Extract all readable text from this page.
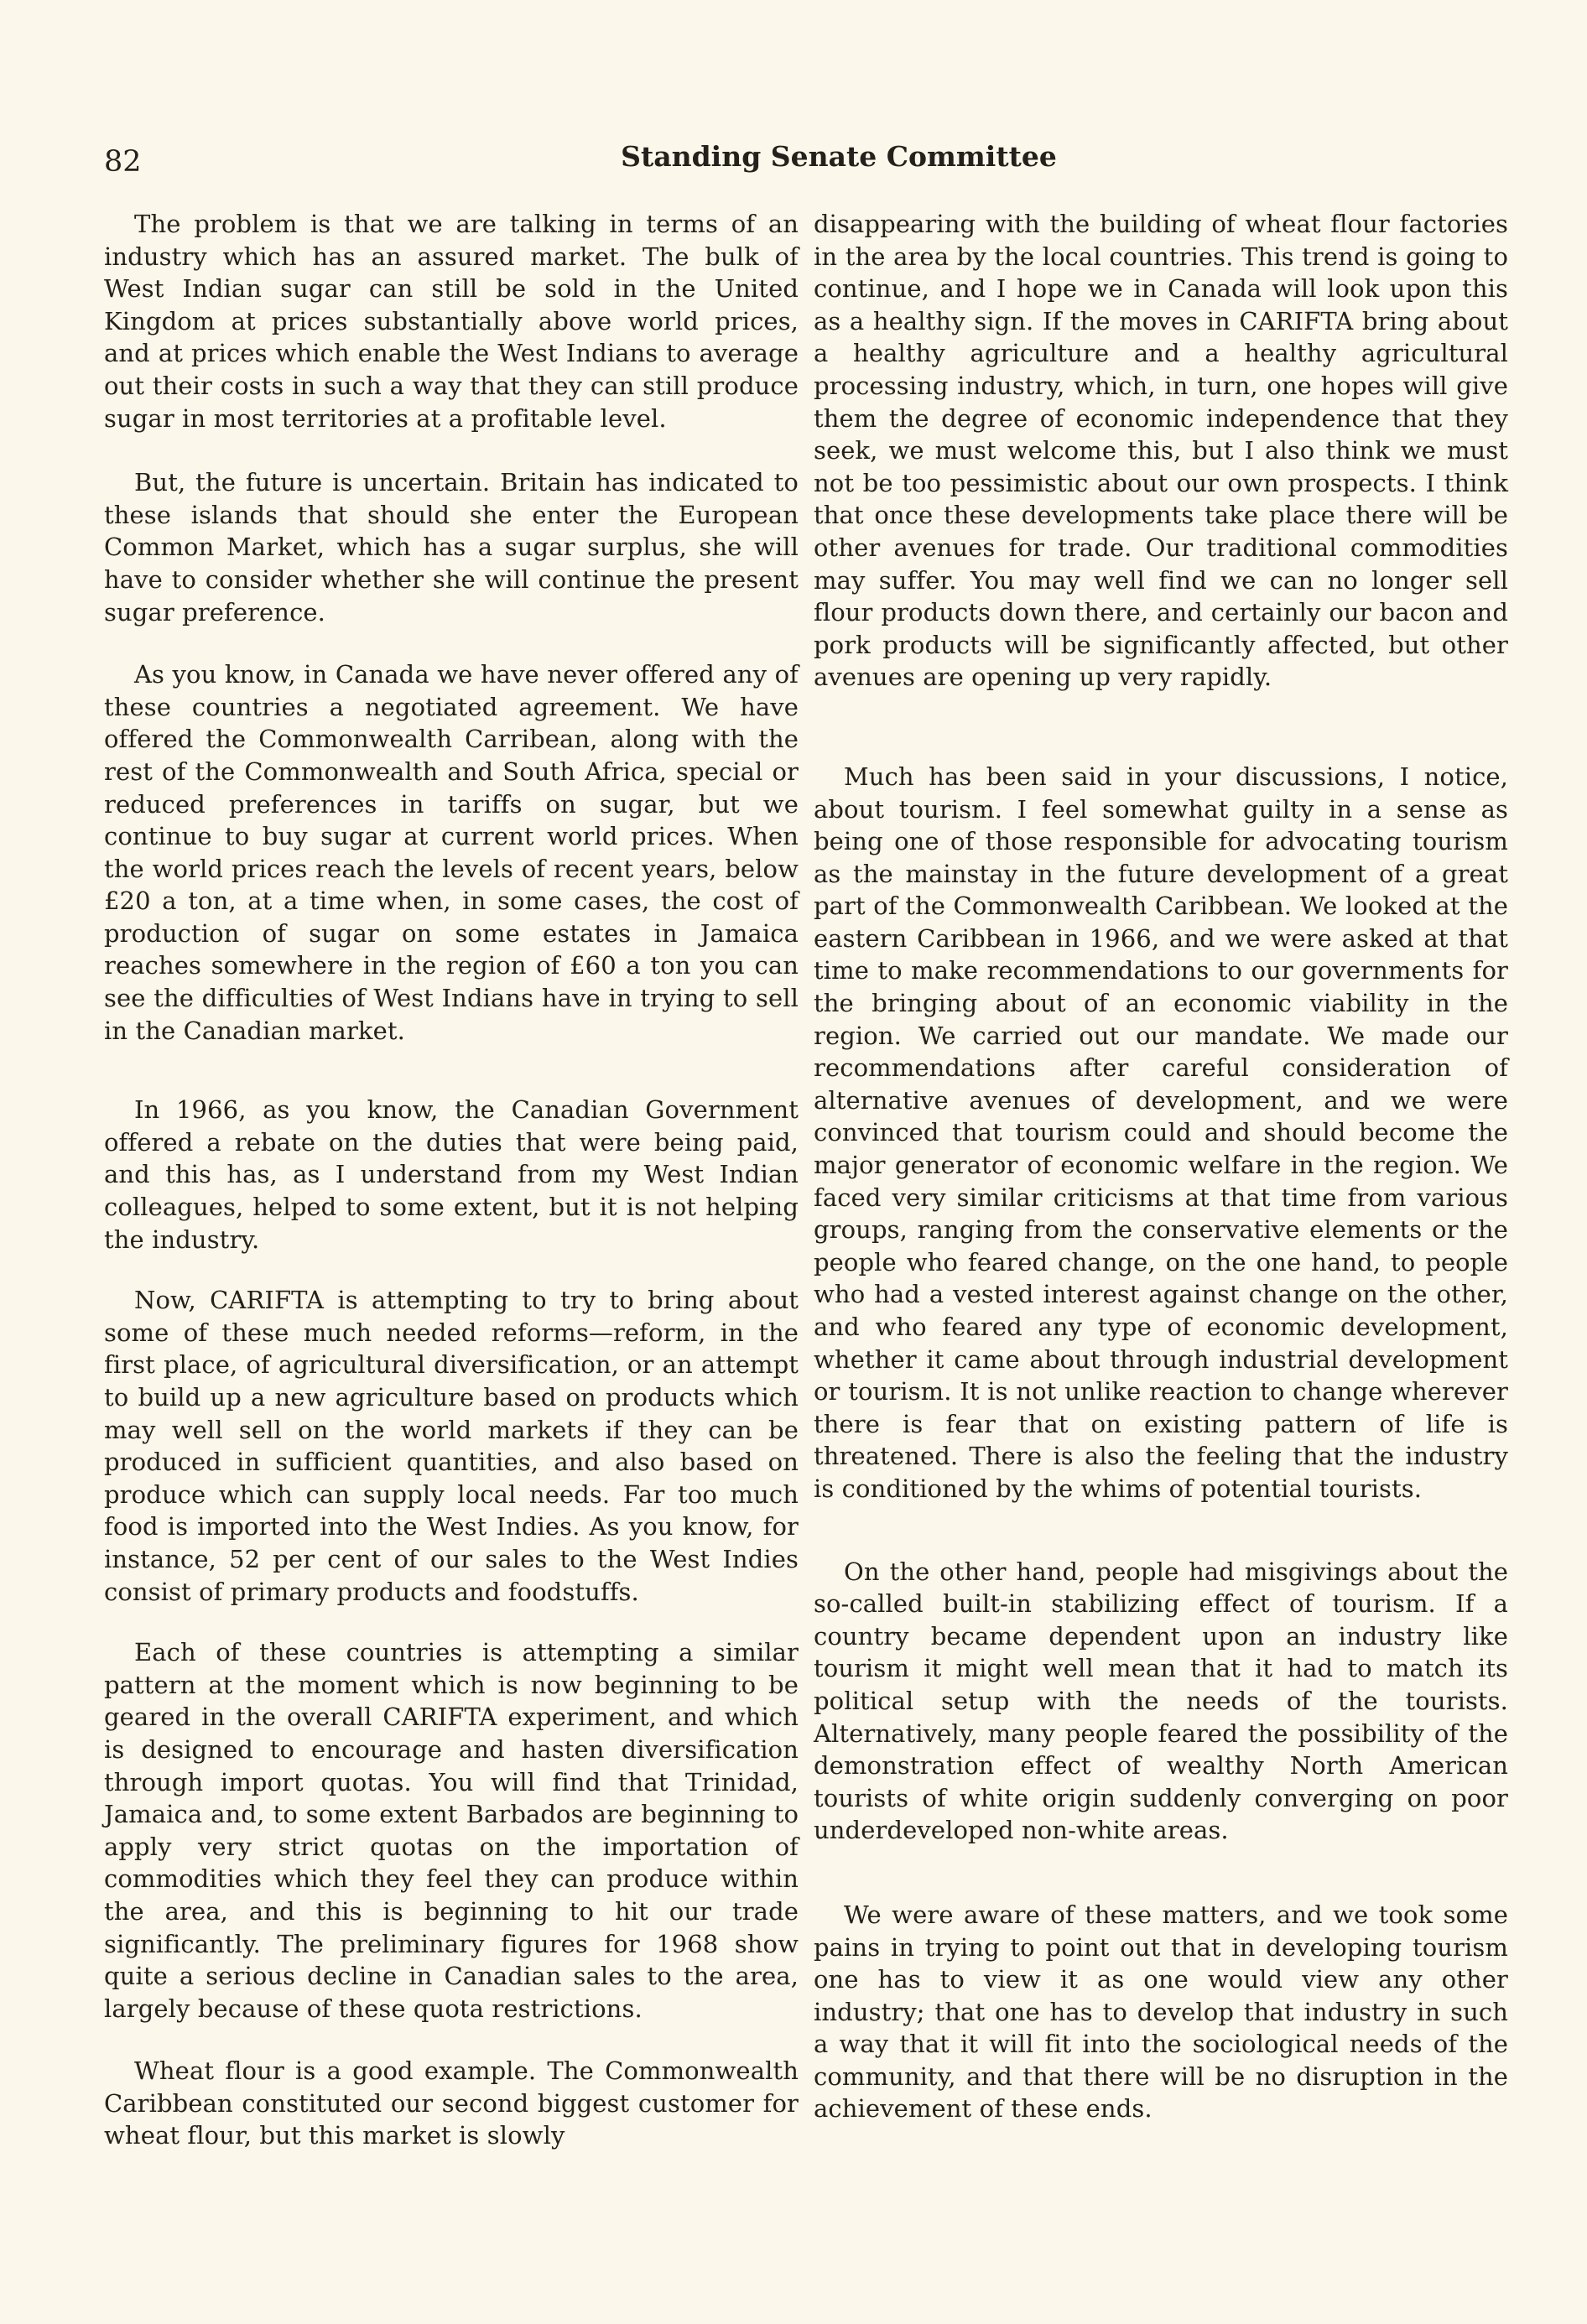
82	Standing Senate Committee

The problem is that we are talking in terms of an industry which has an assured market. The bulk of West Indian sugar can still be sold in the United Kingdom at prices substantially above world prices, and at prices which enable the West Indians to average out their costs in such a way that they can still produce sugar in most territories at a profitable level.

But, the future is uncertain. Britain has indicated to these islands that should she enter the European Common Market, which has a sugar surplus, she will have to consider whether she will continue the present sugar preference.

As you know, in Canada we have never offered any of these countries a negotiated agreement. We have offered the Commonwealth Carribean, along with the rest of the Commonwealth and South Africa, special or reduced preferences in tariffs on sugar, but we continue to buy sugar at current world prices. When the world prices reach the levels of recent years, below £20 a ton, at a time when, in some cases, the cost of production of sugar on some estates in Jamaica reaches somewhere in the region of £60 a ton you can see the difficulties of West Indians have in trying to sell in the Canadian market.

In 1966, as you know, the Canadian Government offered a rebate on the duties that were being paid, and this has, as I understand from my West Indian colleagues, helped to some extent, but it is not helping the industry.

Now, CARIFTA is attempting to try to bring about some of these much needed reforms—reform, in the first place, of agricultural diversification, or an attempt to build up a new agriculture based on products which may well sell on the world markets if they can be produced in sufficient quantities, and also based on produce which can supply local needs. Far too much food is imported into the West Indies. As you know, for instance, 52 per cent of our sales to the West Indies consist of primary products and foodstuffs.

Each of these countries is attempting a similar pattern at the moment which is now beginning to be geared in the overall CARIFTA experiment, and which is designed to encourage and hasten diversification through import quotas. You will find that Trinidad, Jamaica and, to some extent Barbados are beginning to apply very strict quotas on the importation of commodities which they feel they can produce within the area, and this is beginning to hit our trade significantly. The preliminary figures for 1968 show quite a serious decline in Canadian sales to the area, largely because of these quota restrictions.

Wheat flour is a good example. The Commonwealth Caribbean constituted our second biggest customer for wheat flour, but this market is slowly

disappearing with the building of wheat flour factories in the area by the local countries. This trend is going to continue, and I hope we in Canada will look upon this as a healthy sign. If the moves in CARIFTA bring about a healthy agriculture and a healthy agricultural processing industry, which, in turn, one hopes will give them the degree of economic independence that they seek, we must welcome this, but I also think we must not be too pessimistic about our own prospects. I think that once these developments take place there will be other avenues for trade. Our traditional commodities may suffer. You may well find we can no longer sell flour products down there, and certainly our bacon and pork products will be significantly affected, but other avenues are opening up very rapidly.

Much has been said in your discussions, I notice, about tourism. I feel somewhat guilty in a sense as being one of those responsible for advocating tourism as the mainstay in the future development of a great part of the Commonwealth Caribbean. We looked at the eastern Caribbean in 1966, and we were asked at that time to make recommendations to our governments for the bringing about of an economic viability in the region. We carried out our mandate. We made our recommendations after careful consideration of alternative avenues of development, and we were convinced that tourism could and should become the major generator of economic welfare in the region. We faced very similar criticisms at that time from various groups, ranging from the conservative elements or the people who feared change, on the one hand, to people who had a vested interest against change on the other, and who feared any type of economic development, whether it came about through industrial development or tourism. It is not unlike reaction to change wherever there is fear that on existing pattern of life is threatened. There is also the feeling that the industry is conditioned by the whims of potential tourists.

On the other hand, people had misgivings about the so-called built-in stabilizing effect of tourism. If a country became dependent upon an industry like tourism it might well mean that it had to match its political setup with the needs of the tourists. Alternatively, many people feared the possibility of the demonstration effect of wealthy North American tourists of white origin suddenly converging on poor underdeveloped non-white areas.

We were aware of these matters, and we took some pains in trying to point out that in developing tourism one has to view it as one would view any other industry; that one has to develop that industry in such a way that it will fit into the sociological needs of the community, and that there will be no disruption in the achievement of these ends.
